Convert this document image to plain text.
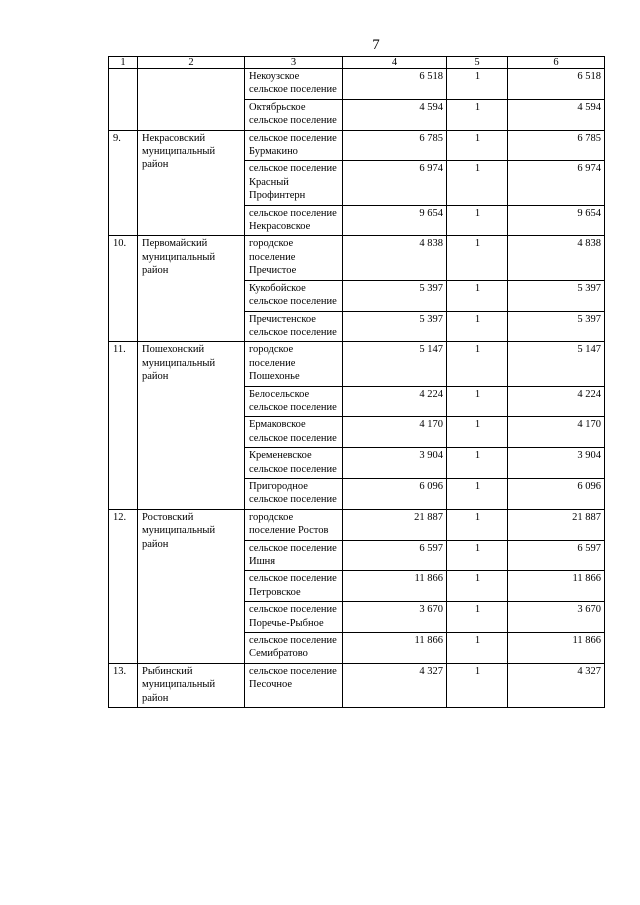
7
1	2	3	4	5	6
		Некоузское сельское поселение	6 518	1	6 518
		Октябрьское сельское поселение	4 594	1	4 594
9.	Некрасовский муниципальный район	сельское поселение Бурмакино	6 785	1	6 785
		сельское поселение Красный Профинтерн	6 974	1	6 974
		сельское поселение Некрасовское	9 654	1	9 654
10.	Первомайский муниципальный район	городское поселение Пречистое	4 838	1	4 838
		Кукобойское сельское поселение	5 397	1	5 397
		Пречистенское сельское поселение	5 397	1	5 397
11.	Пошехонский муниципальный район	городское поселение Пошехонье	5 147	1	5 147
		Белосельское сельское поселение	4 224	1	4 224
		Ермаковское сельское поселение	4 170	1	4 170
		Кременевское сельское поселение	3 904	1	3 904
		Пригородное сельское поселение	6 096	1	6 096
12.	Ростовский муниципальный район	городское поселение Ростов	21 887	1	21 887
		сельское поселение Ишня	6 597	1	6 597
		сельское поселение Петровское	11 866	1	11 866
		сельское поселение Поречье-Рыбное	3 670	1	3 670
		сельское поселение Семибратово	11 866	1	11 866
13.	Рыбинский муниципальный район	сельское поселение Песочное	4 327	1	4 327
